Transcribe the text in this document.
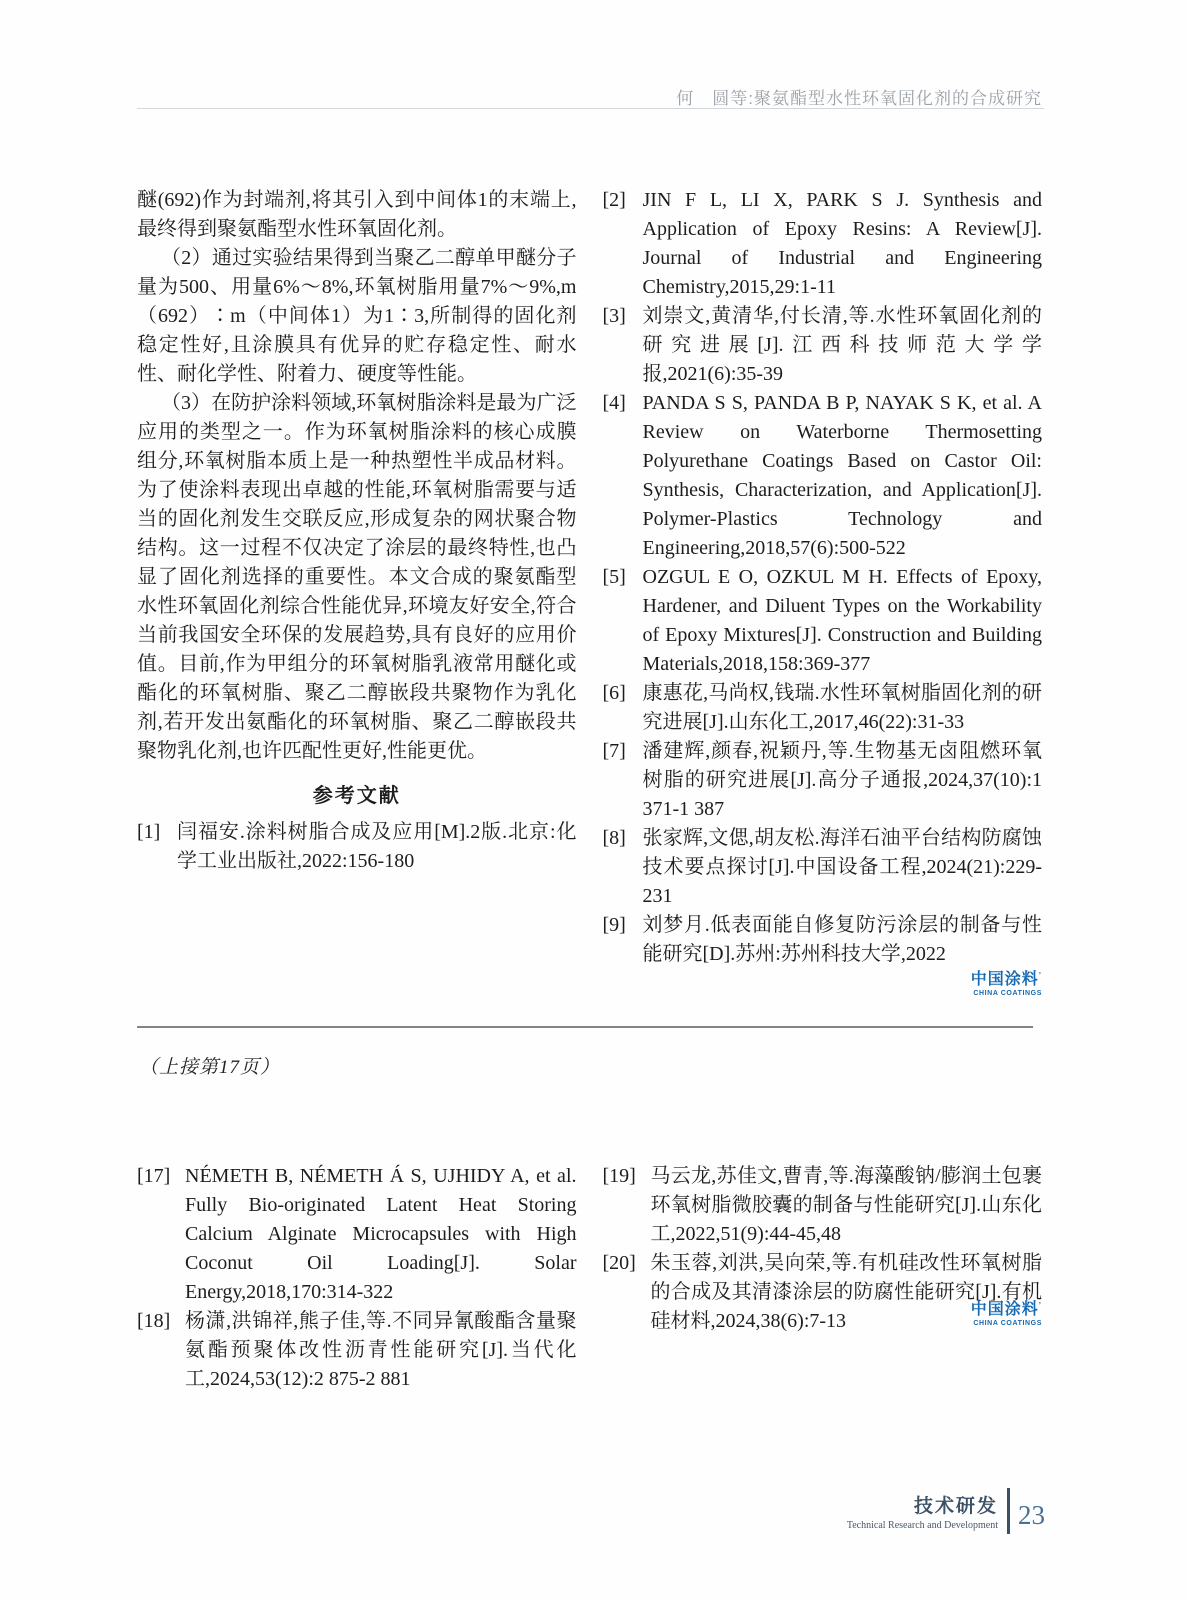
何　圆等:聚氨酯型水性环氧固化剂的合成研究

醚(692)作为封端剂,将其引入到中间体1的末端上,最终得到聚氨酯型水性环氧固化剂。

（2）通过实验结果得到当聚乙二醇单甲醚分子量为500、用量6%～8%,环氧树脂用量7%～9%,m（692）∶m（中间体1）为1∶3,所制得的固化剂稳定性好,且涂膜具有优异的贮存稳定性、耐水性、耐化学性、附着力、硬度等性能。

（3）在防护涂料领域,环氧树脂涂料是最为广泛应用的类型之一。作为环氧树脂涂料的核心成膜组分,环氧树脂本质上是一种热塑性半成品材料。为了使涂料表现出卓越的性能,环氧树脂需要与适当的固化剂发生交联反应,形成复杂的网状聚合物结构。这一过程不仅决定了涂层的最终特性,也凸显了固化剂选择的重要性。本文合成的聚氨酯型水性环氧固化剂综合性能优异,环境友好安全,符合当前我国安全环保的发展趋势,具有良好的应用价值。目前,作为甲组分的环氧树脂乳液常用醚化或酯化的环氧树脂、聚乙二醇嵌段共聚物作为乳化剂,若开发出氨酯化的环氧树脂、聚乙二醇嵌段共聚物乳化剂,也许匹配性更好,性能更优。

参考文献
[1] 闫福安.涂料树脂合成及应用[M].2版.北京:化学工业出版社,2022:156-180
[2] JIN F L, LI X, PARK S J. Synthesis and Application of Epoxy Resins: A Review[J]. Journal of Industrial and Engineering Chemistry,2015,29:1-11
[3] 刘崇文,黄清华,付长清,等.水性环氧固化剂的研究进展[J].江西科技师范大学学报,2021(6):35-39
[4] PANDA S S, PANDA B P, NAYAK S K, et al. A Review on Waterborne Thermosetting Polyurethane Coatings Based on Castor Oil: Synthesis, Characterization, and Application[J]. Polymer-Plastics Technology and Engineering,2018,57(6):500-522
[5] OZGUL E O, OZKUL M H. Effects of Epoxy, Hardener, and Diluent Types on the Workability of Epoxy Mixtures[J]. Construction and Building Materials,2018,158:369-377
[6] 康惠花,马尚权,钱瑞.水性环氧树脂固化剂的研究进展[J].山东化工,2017,46(22):31-33
[7] 潘建辉,颜春,祝颖丹,等.生物基无卤阻燃环氧树脂的研究进展[J].高分子通报,2024,37(10):1 371-1 387
[8] 张家辉,文偲,胡友松.海洋石油平台结构防腐蚀技术要点探讨[J].中国设备工程,2024(21):229-231
[9] 刘梦月.低表面能自修复防污涂层的制备与性能研究[D].苏州:苏州科技大学,2022
中国涂料’
CHINA COATINGS
（上接第17页）
[17] NÉMETH B, NÉMETH Á S, UJHIDY A, et al. Fully Bio-originated Latent Heat Storing Calcium Alginate Microcapsules with High Coconut Oil Loading[J]. Solar Energy,2018,170:314-322
[18] 杨潇,洪锦祥,熊子佳,等.不同异氰酸酯含量聚氨酯预聚体改性沥青性能研究[J].当代化工,2024,53(12):2 875-2 881
[19] 马云龙,苏佳文,曹青,等.海藻酸钠/膨润土包裹环氧树脂微胶囊的制备与性能研究[J].山东化工,2022,51(9):44-45,48
[20] 朱玉蓉,刘洪,吴向荣,等.有机硅改性环氧树脂的合成及其清漆涂层的防腐性能研究[J].有机硅材料,2024,38(6):7-13
中国涂料’
CHINA COATINGS
技术研发
Technical Research and Development 23
